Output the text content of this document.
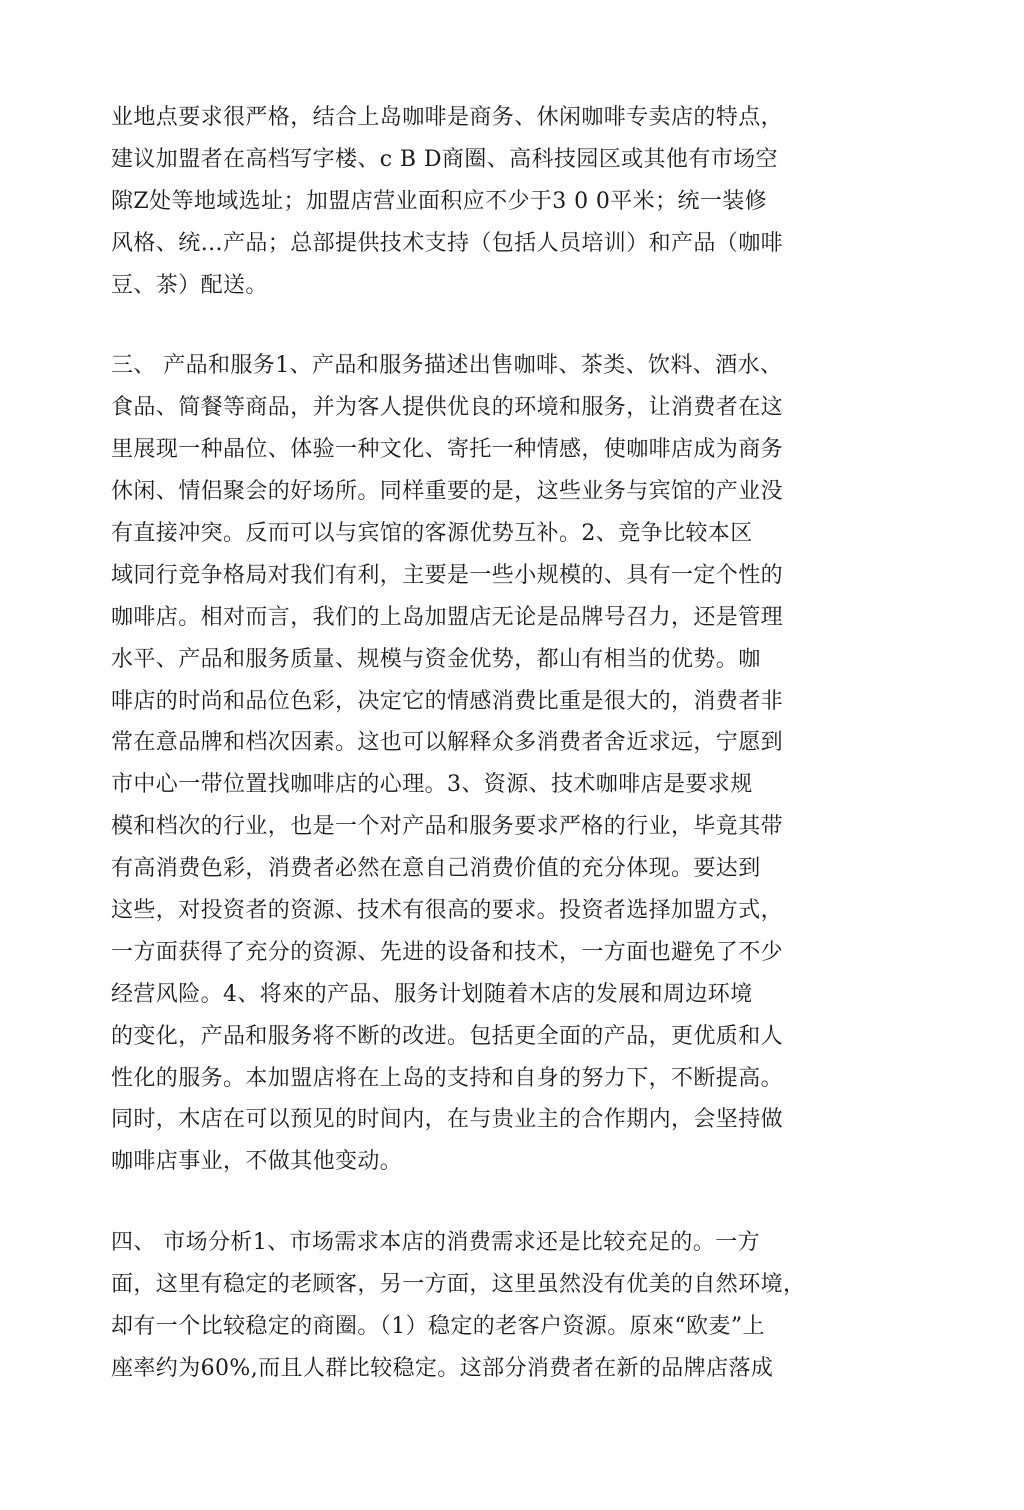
业地点要求很严格，结合上岛咖啡是商务、休闲咖啡专卖店的特点，
建议加盟者在高档写字楼、c B D商圈、高科技园区或其他有市场空
隙Z处等地域选址；加盟店营业面积应不少于3 0 0平米；统一装修
风格、统…产品；总部提供技术支持（包括人员培训）和产品（咖啡
豆、茶）配送。
三、 产品和服务1、产品和服务描述出售咖啡、茶类、饮料、酒水、
食品、简餐等商品，并为客人提供优良的环境和服务，让消费者在这
里展现一种晶位、体验一种文化、寄托一种情感，使咖啡店成为商务
休闲、情侣聚会的好场所。同样重要的是，这些业务与宾馆的产业没
有直接冲突。反而可以与宾馆的客源优势互补。2、竞争比较本区
域同行竞争格局对我们有利，主要是一些小规模的、具有一定个性的
咖啡店。相对而言，我们的上岛加盟店无论是品牌号召力，还是管理
水平、产品和服务质量、规模与资金优势，都山有相当的优势。咖
啡店的时尚和品位色彩，决定它的情感消费比重是很大的，消费者非
常在意品牌和档次因素。这也可以解释众多消费者舍近求远，宁愿到
市中心一带位置找咖啡店的心理。3、资源、技术咖啡店是要求规
模和档次的行业，也是一个对产品和服务要求严格的行业，毕竟其带
有高消费色彩，消费者必然在意自己消费价值的充分体现。要达到
这些，对投资者的资源、技术有很高的要求。投资者选择加盟方式，
一方面获得了充分的资源、先进的设备和技术，一方面也避免了不少
经营风险。4、将來的产品、服务计划随着木店的发展和周边环境
的变化，产品和服务将不断的改进。包括更全面的产品，更优质和人
性化的服务。本加盟店将在上岛的支持和自身的努力下，不断提高。
同时，木店在可以预见的时间内，在与贵业主的合作期内，会坚持做
咖啡店事业，不做其他变动。
四、 市场分析1、市场需求本店的消费需求还是比较充足的。一方
面，这里有稳定的老顾客，另一方面，这里虽然没有优美的自然环境，
却有一个比较稳定的商圈。（1）稳定的老客户资源。原來“欧麦”上
座率约为60%,而且人群比较稳定。这部分消费者在新的品牌店落成
